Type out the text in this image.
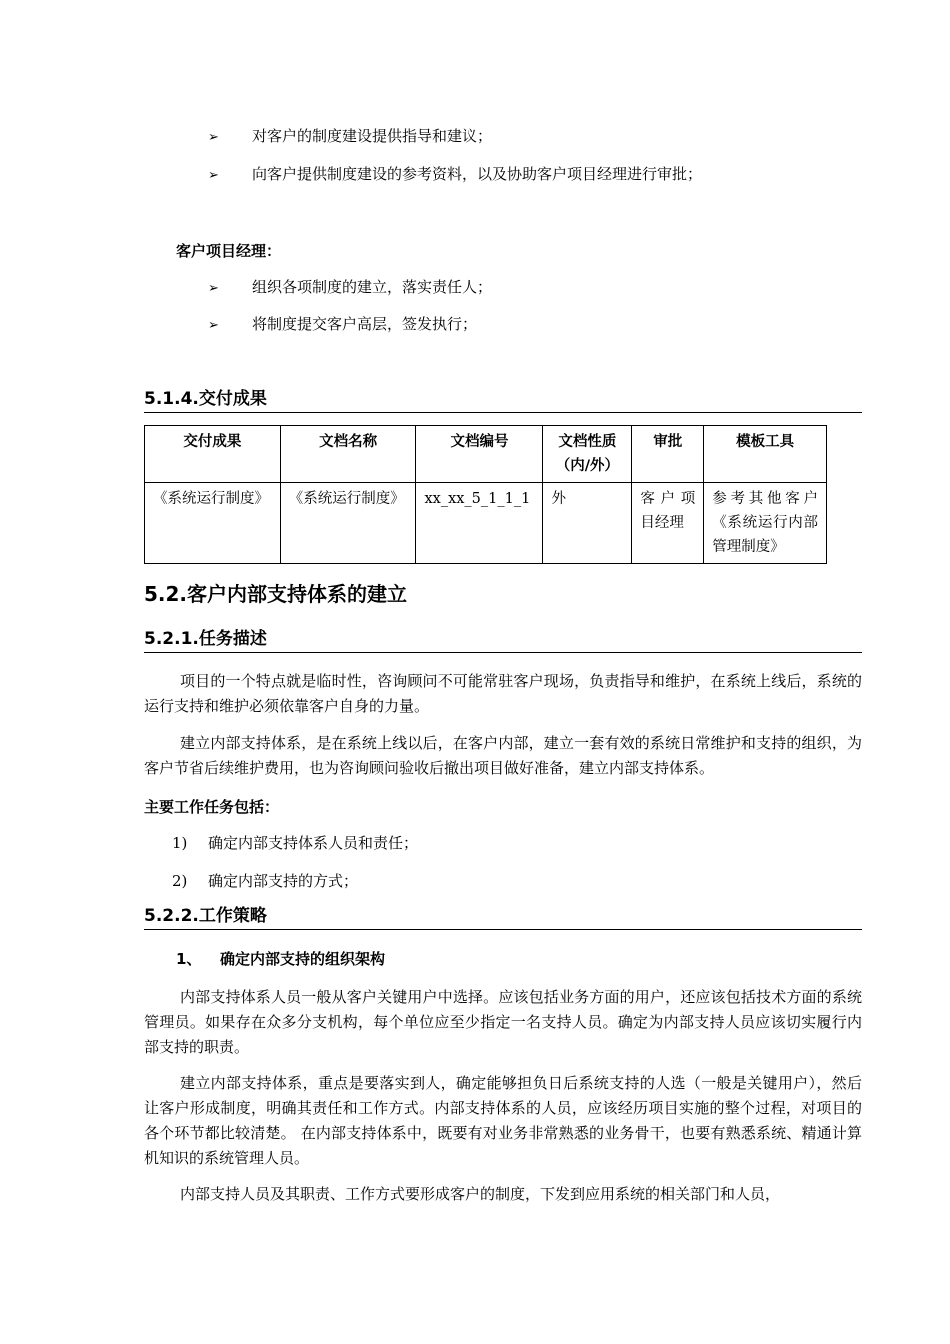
➢ 对客户的制度建设提供指导和建议；
➢ 向客户提供制度建设的参考资料，以及协助客户项目经理进行审批；
客户项目经理：
➢ 组织各项制度的建立，落实责任人；
➢ 将制度提交客户高层，签发执行；
5.1.4.交付成果
交付成果	文档名称	文档编号	文档性质（内/外）	审批	模板工具
《系统运行制度》	《系统运行制度》	xx_xx_5_1_1_1	外	客户项目经理	参考其他客户《系统运行内部管理制度》
5.2.客户内部支持体系的建立
5.2.1.任务描述
项目的一个特点就是临时性，咨询顾问不可能常驻客户现场，负责指导和维护，在系统上线后，系统的运行支持和维护必须依靠客户自身的力量。
建立内部支持体系，是在系统上线以后，在客户内部，建立一套有效的系统日常维护和支持的组织，为客户节省后续维护费用，也为咨询顾问验收后撤出项目做好准备，建立内部支持体系。
主要工作任务包括：
1) 确定内部支持体系人员和责任；
2) 确定内部支持的方式；
5.2.2.工作策略
1、 确定内部支持的组织架构
内部支持体系人员一般从客户关键用户中选择。应该包括业务方面的用户，还应该包括技术方面的系统管理员。如果存在众多分支机构，每个单位应至少指定一名支持人员。确定为内部支持人员应该切实履行内部支持的职责。
建立内部支持体系，重点是要落实到人，确定能够担负日后系统支持的人选（一般是关键用户），然后让客户形成制度，明确其责任和工作方式。内部支持体系的人员，应该经历项目实施的整个过程，对项目的各个环节都比较清楚。 在内部支持体系中，既要有对业务非常熟悉的业务骨干，也要有熟悉系统、精通计算机知识的系统管理人员。
内部支持人员及其职责、工作方式要形成客户的制度，下发到应用系统的相关部门和人员，
